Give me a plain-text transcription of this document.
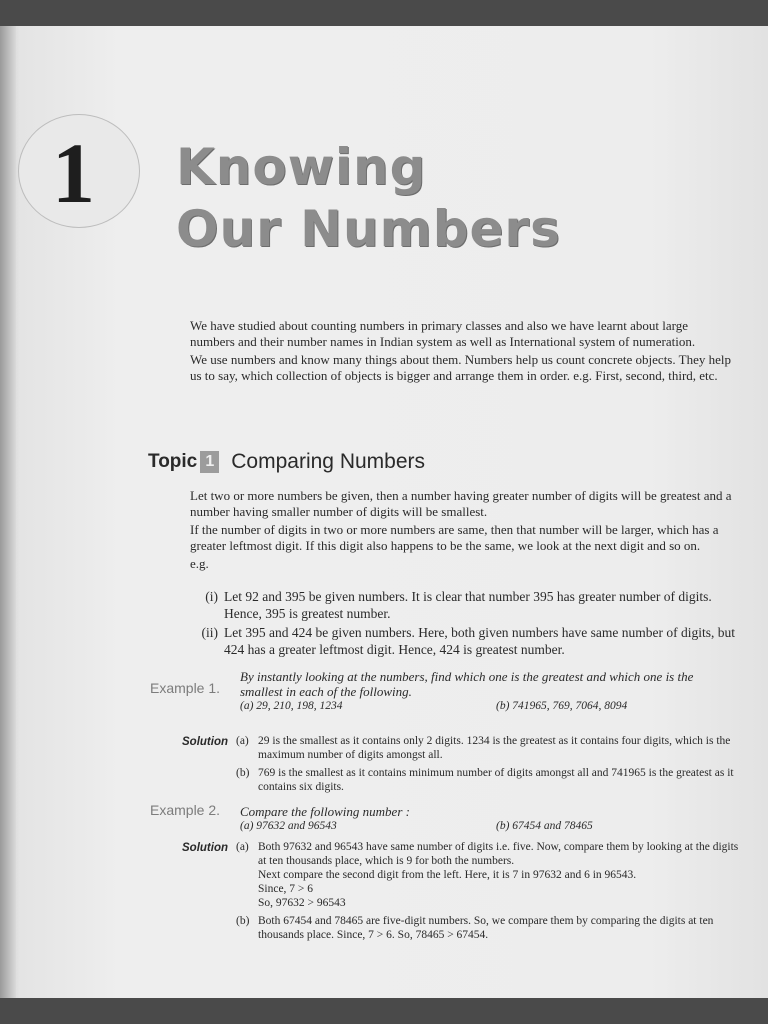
1 Knowing
Our Numbers
We have studied about counting numbers in primary classes and also we have learnt about large numbers and their number names in Indian system as well as International system of numeration.
We use numbers and know many things about them. Numbers help us count concrete objects. They help us to say, which collection of objects is bigger and arrange them in order. e.g. First, second, third, etc.
Topic 1 Comparing Numbers
Let two or more numbers be given, then a number having greater number of digits will be greatest and a number having smaller number of digits will be smallest.
If the number of digits in two or more numbers are same, then that number will be larger, which has a greater leftmost digit. If this digit also happens to be the same, we look at the next digit and so on.
e.g.
(i) Let 92 and 395 be given numbers. It is clear that number 395 has greater number of digits. Hence, 395 is greatest number.
(ii) Let 395 and 424 be given numbers. Here, both given numbers have same number of digits, but 424 has a greater leftmost digit. Hence, 424 is greatest number.
Example 1.
By instantly looking at the numbers, find which one is the greatest and which one is the smallest in each of the following.
(a) 29, 210, 198, 1234	(b) 741965, 769, 7064, 8094
Solution (a) 29 is the smallest as it contains only 2 digits. 1234 is the greatest as it contains four digits, which is the maximum number of digits amongst all.
(b) 769 is the smallest as it contains minimum number of digits amongst all and 741965 is the greatest as it contains six digits.
Example 2. Compare the following number :
(a) 97632 and 96543	(b) 67454 and 78465
Solution (a) Both 97632 and 96543 have same number of digits i.e. five. Now, compare them by looking at the digits at ten thousands place, which is 9 for both the numbers.
Next compare the second digit from the left. Here, it is 7 in 97632 and 6 in 96543.
Since, 7 > 6
So, 97632 > 96543
(b) Both 67454 and 78465 are five-digit numbers. So, we compare them by comparing the digits at ten thousands place. Since, 7 > 6. So, 78465 > 67454.
